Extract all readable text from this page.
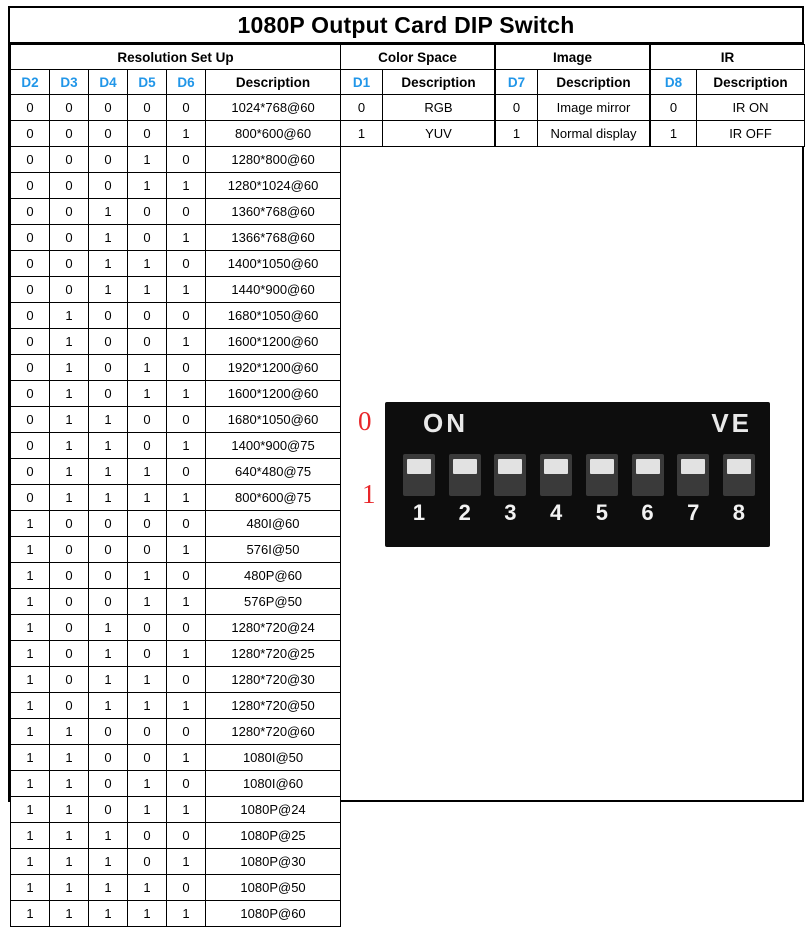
1080P Output Card DIP Switch
Resolution Set Up					
D2	D3	D4	D5	D6	Description
0	0	0	0	0	1024*768@60
0	0	0	0	1	800*600@60
0	0	0	1	0	1280*800@60
0	0	0	1	1	1280*1024@60
0	0	1	0	0	1360*768@60
0	0	1	0	1	1366*768@60
0	0	1	1	0	1400*1050@60
0	0	1	1	1	1440*900@60
0	1	0	0	0	1680*1050@60
0	1	0	0	1	1600*1200@60
0	1	0	1	0	1920*1200@60
0	1	0	1	1	1600*1200@60
0	1	1	0	0	1680*1050@60
0	1	1	0	1	1400*900@75
0	1	1	1	0	640*480@75
0	1	1	1	1	800*600@75
1	0	0	0	0	480I@60
1	0	0	0	1	576I@50
1	0	0	1	0	480P@60
1	0	0	1	1	576P@50
1	0	1	0	0	1280*720@24
1	0	1	0	1	1280*720@25
1	0	1	1	0	1280*720@30
1	0	1	1	1	1280*720@50
1	1	0	0	0	1280*720@60
1	1	0	0	1	1080I@50
1	1	0	1	0	1080I@60
1	1	0	1	1	1080P@24
1	1	1	0	0	1080P@25
1	1	1	0	1	1080P@30
1	1	1	1	0	1080P@50
1	1	1	1	1	1080P@60
Color Space	
D1	Description
0	RGB
1	YUV
Image	
D7	Description
0	Image mirror
1	Normal display
IR	
D8	Description
0	IR ON
1	IR OFF
0
1
ON	VE
1	2	3	4	5	6	7	8
